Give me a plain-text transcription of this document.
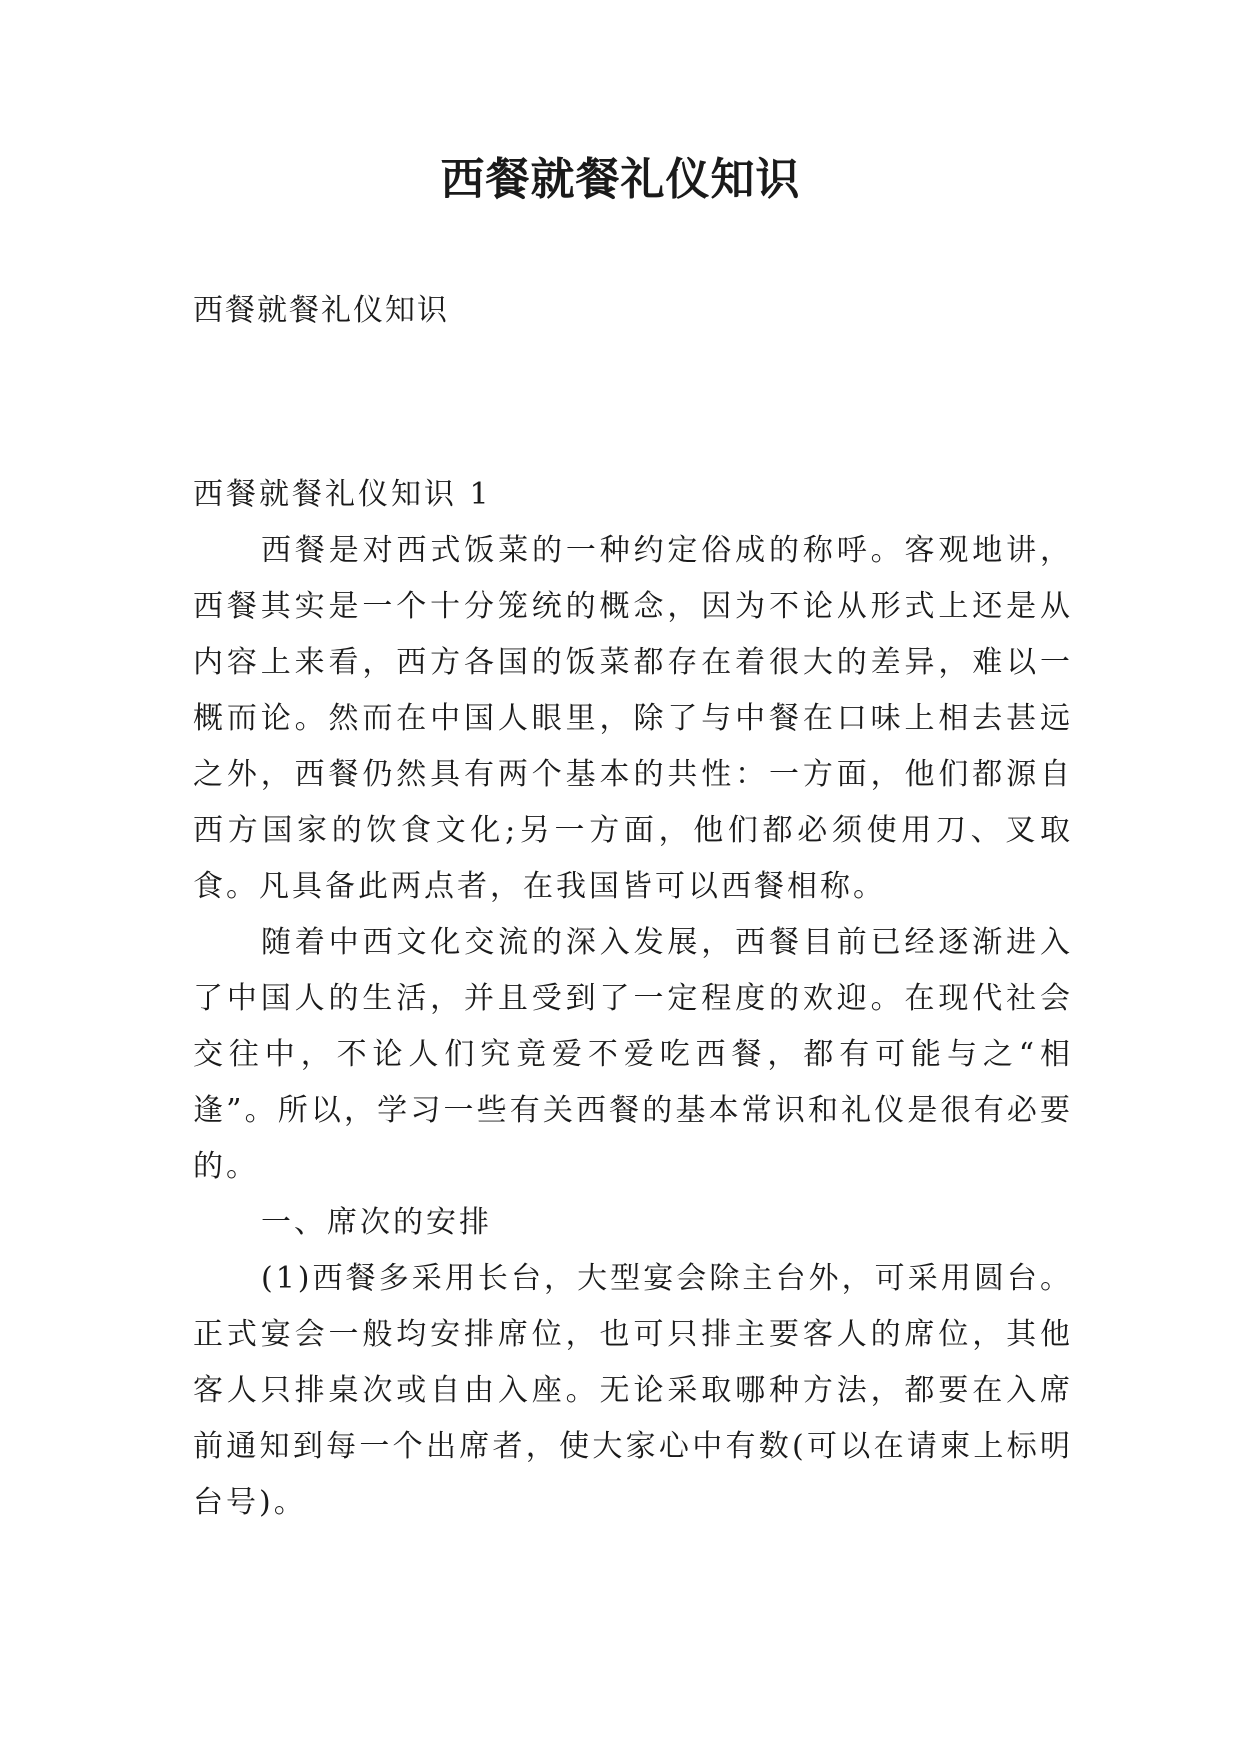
西餐就餐礼仪知识

西餐就餐礼仪知识

西餐就餐礼仪知识 1

西餐是对西式饭菜的一种约定俗成的称呼。客观地讲，西餐其实是一个十分笼统的概念，因为不论从形式上还是从内容上来看，西方各国的饭菜都存在着很大的差异，难以一概而论。然而在中国人眼里，除了与中餐在口味上相去甚远之外，西餐仍然具有两个基本的共性：一方面，他们都源自西方国家的饮食文化;另一方面，他们都必须使用刀、叉取食。凡具备此两点者，在我国皆可以西餐相称。

随着中西文化交流的深入发展，西餐目前已经逐渐进入了中国人的生活，并且受到了一定程度的欢迎。在现代社会交往中，不论人们究竟爱不爱吃西餐，都有可能与之“相逢”。所以，学习一些有关西餐的基本常识和礼仪是很有必要的。

一、席次的安排

(1)西餐多采用长台，大型宴会除主台外，可采用圆台。正式宴会一般均安排席位，也可只排主要客人的席位，其他客人只排桌次或自由入座。无论采取哪种方法，都要在入席前通知到每一个出席者，使大家心中有数(可以在请柬上标明台号)。
